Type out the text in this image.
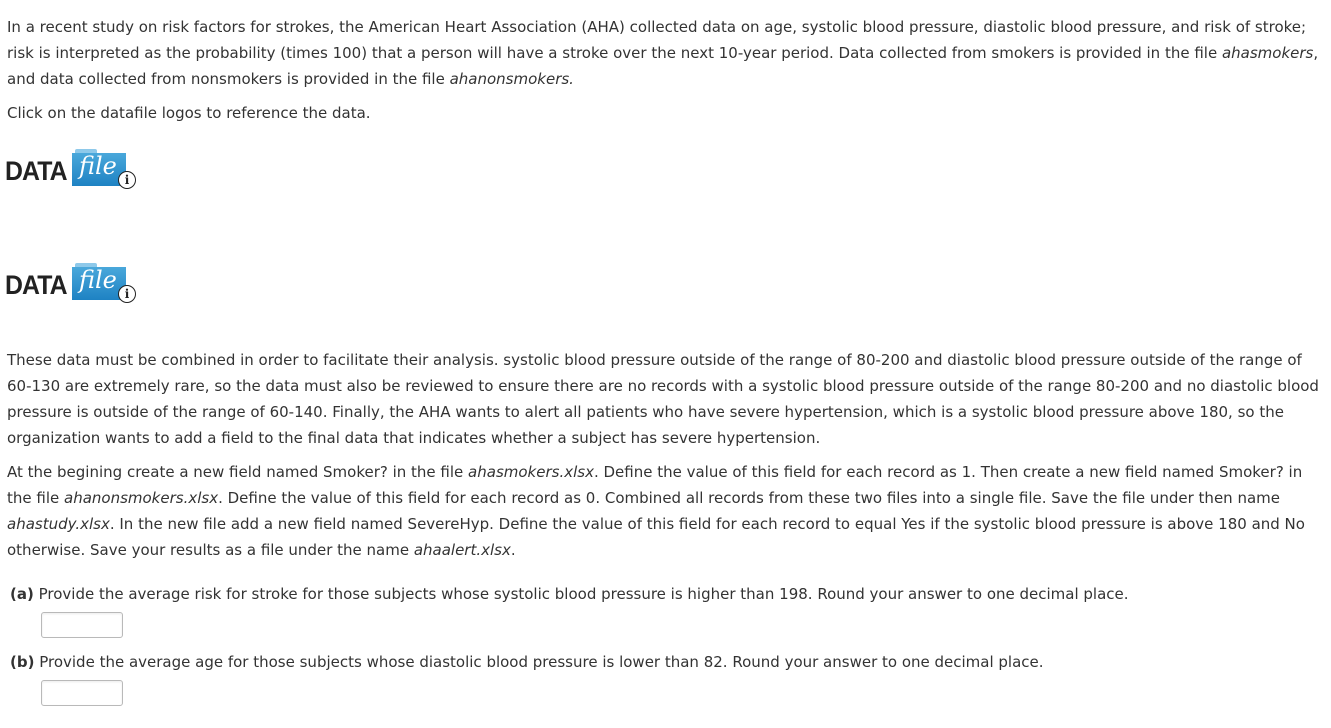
In a recent study on risk factors for strokes, the American Heart Association (AHA) collected data on age, systolic blood pressure, diastolic blood pressure, and risk of stroke; risk is interpreted as the probability (times 100) that a person will have a stroke over the next 10-year period. Data collected from smokers is provided in the file ahasmokers, and data collected from nonsmokers is provided in the file ahanonsmokers.

Click on the datafile logos to reference the data.

DATA file i
DATA file i

These data must be combined in order to facilitate their analysis. systolic blood pressure outside of the range of 80-200 and diastolic blood pressure outside of the range of 60-130 are extremely rare, so the data must also be reviewed to ensure there are no records with a systolic blood pressure outside of the range 80-200 and no diastolic blood pressure is outside of the range of 60-140. Finally, the AHA wants to alert all patients who have severe hypertension, which is a systolic blood pressure above 180, so the organization wants to add a field to the final data that indicates whether a subject has severe hypertension.

At the begining create a new field named Smoker? in the file ahasmokers.xlsx. Define the value of this field for each record as 1. Then create a new field named Smoker? in the file ahanonsmokers.xlsx. Define the value of this field for each record as 0. Combined all records from these two files into a single file. Save the file under then name ahastudy.xlsx. In the new file add a new field named SevereHyp. Define the value of this field for each record to equal Yes if the systolic blood pressure is above 180 and No otherwise. Save your results as a file under the name ahaalert.xlsx.

(a) Provide the average risk for stroke for those subjects whose systolic blood pressure is higher than 198. Round your answer to one decimal place.

(b) Provide the average age for those subjects whose diastolic blood pressure is lower than 82. Round your answer to one decimal place.
